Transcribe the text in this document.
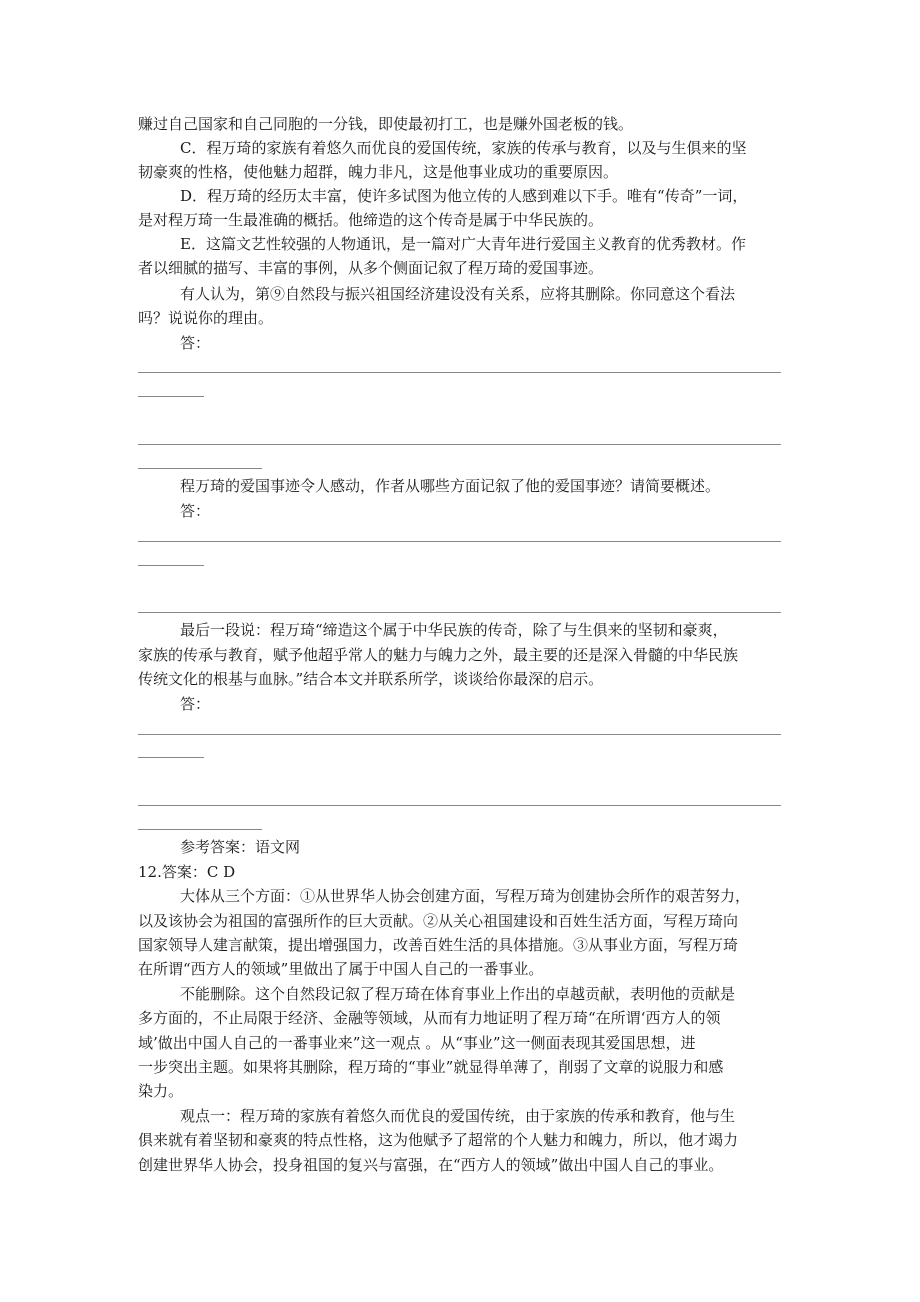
赚过自己国家和自己同胞的一分钱，即使最初打工，也是赚外国老板的钱。
C．程万琦的家族有着悠久而优良的爱国传统，家族的传承与教育，以及与生俱来的坚
韧豪爽的性格，使他魅力超群，魄力非凡，这是他事业成功的重要原因。
D．程万琦的经历太丰富，使许多试图为他立传的人感到难以下手。唯有“传奇”一词，
是对程万琦一生最准确的概括。他缔造的这个传奇是属于中华民族的。
E．这篇文艺性较强的人物通讯，是一篇对广大青年进行爱国主义教育的优秀教材。作
者以细腻的描写、丰富的事例，从多个侧面记叙了程万琦的爱国事迹。
有人认为，第⑨自然段与振兴祖国经济建设没有关系，应将其删除。你同意这个看法
吗？说说你的理由。
答：
程万琦的爱国事迹令人感动，作者从哪些方面记叙了他的爱国事迹？请简要概述。
答：
最后一段说：程万琦“缔造这个属于中华民族的传奇，除了与生俱来的坚韧和豪爽，
家族的传承与教育，赋予他超乎常人的魅力与魄力之外，最主要的还是深入骨髓的中华民族
传统文化的根基与血脉。”结合本文并联系所学，谈谈给你最深的启示。
答：
参考答案：语文网
12.答案：C D
大体从三个方面：①从世界华人协会创建方面，写程万琦为创建协会所作的艰苦努力，
以及该协会为祖国的富强所作的巨大贡献。②从关心祖国建设和百姓生活方面，写程万琦向
国家领导人建言献策，提出增强国力，改善百姓生活的具体措施。③从事业方面，写程万琦
在所谓“西方人的领域”里做出了属于中国人自己的一番事业。
不能删除。这个自然段记叙了程万琦在体育事业上作出的卓越贡献，表明他的贡献是
多方面的，不止局限于经济、金融等领域，从而有力地证明了程万琦“在所谓‘西方人的领
域’做出中国人自己的一番事业来”这一观点 。从“事业”这一侧面表现其爱国思想，进
一步突出主题。如果将其删除，程万琦的“事业”就显得单薄了，削弱了文章的说服力和感
染力。
观点一：程万琦的家族有着悠久而优良的爱国传统，由于家族的传承和教育，他与生
俱来就有着坚韧和豪爽的特点性格，这为他赋予了超常的个人魅力和魄力，所以，他才竭力
创建世界华人协会，投身祖国的复兴与富强，在“西方人的领域”做出中国人自己的事业。
